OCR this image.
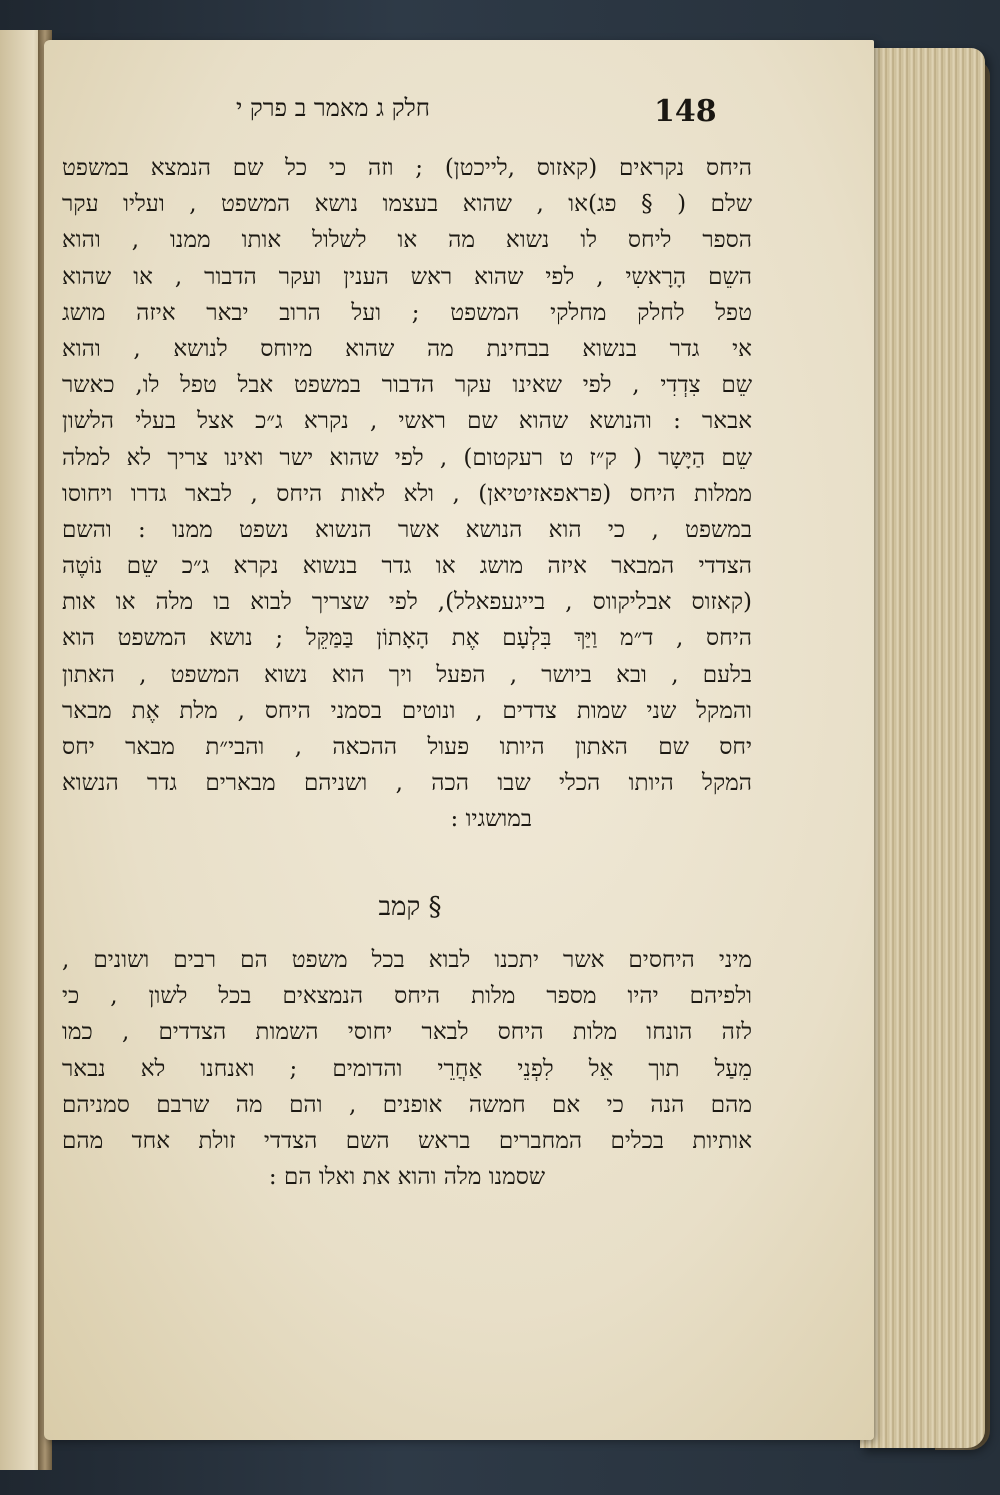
חלק ג מאמר ב פרק י	148
היחס נקראים (קאזוס ,לייכטן) ; וזה כי כל שם הנמצא במשפט
שלם ( § פג)או , שהוא בעצמו נושא המשפט , ועליו עקר
הספר ליחס לו נשוא מה או לשלול אותו ממנו , והוא
השֵם הָרָאשִי , לפי שהוא ראש הענין ועקר הדבור , או שהוא
טפל לחלק מחלקי המשפט ; ועל הרוב יבאר איזה מושג
אי גדר בנשוא בבחינת מה שהוא מיוחס לנושא , והוא
שֵם צִדְדִי , לפי שאינו עקר הדבור במשפט אבל טפל לו, כאשר
אבאר : והנושא שהוא שם ראשי , נקרא ג״כ אצל בעלי הלשון
שֵם הַיָּשָר ( ק״ז ט רעקטום) , לפי שהוא ישר ואינו צריך לא למלה
ממלות היחס (פראפאזיטיאן) , ולא לאות היחס , לבאר גדרו ויחוסו
במשפט , כי הוא הנושא אשר הנשוא נשפט ממנו : והשם
הצדדי המבאר איזה מושג או גדר בנשוא נקרא ג״כ שֵם נוֹטֶה
(קאזוס אבליקווס , בייגעפאלל), לפי שצריך לבוא בו מלה או אות
היחס , ד״מ וַיַּךְ בִּלְעָם אֶת הָאָתוֹן בַּמַּקֵּל ; נושא המשפט הוא
בלעם , ובא ביושר , הפעל ויך הוא נשוא המשפט , האתון
והמקל שני שמות צדדים , ונוטים בסמני היחס , מלת אֶת מבאר
יחס שם האתון היותו פעול ההכאה , והבי״ת מבאר יחס
המקל היותו הכלי שבו הכה , ושניהם מבארים גדר הנשוא
במושגיו :
§ קמב
מיני היחסים אשר יתכנו לבוא בכל משפט הם רבים ושונים ,
ולפיהם יהיו מספר מלות היחס הנמצאים בכל לשון , כי
לזה הונחו מלות היחס לבאר יחוסי השמות הצדדים , כמו
מֵעַל תוך אֵל לִפְנֵי אַחֲרֵי והדומים ; ואנחנו לא נבאר
מהם הנה כי אם חמשה אופנים , והם מה שרבם סמניהם
אותיות בכלים המחברים בראש השם הצדדי זולת אחד מהם
שסמנו מלה והוא את ואלו הם :
